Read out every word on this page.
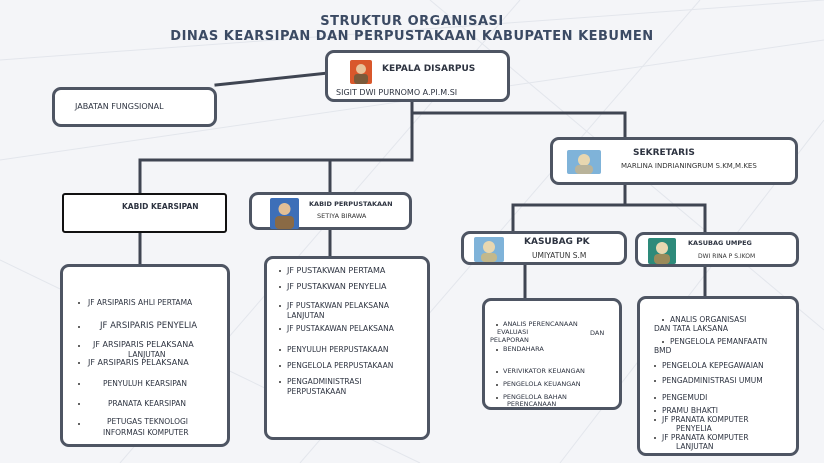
STRUKTUR ORGANISASI
DINAS KEARSIPAN DAN PERPUSTAKAAN KABUPATEN KEBUMEN
KEPALA DISARPUS
SIGIT DWI PURNOMO A.PI.M.SI
JABATAN FUNGSIONAL
SEKRETARIS
MARLINA INDRIANINGRUM S.KM,M.KES
KABID KEARSIPAN	KABID PERPUSTAKAAN
SETIYA BIRAWA
KASUBAG PK
UMIYATUN S.M
KASUBAG UMPEG
DWI RINA P S.IKOM
JF ARSIPARIS AHLI PERTAMA
JF ARSIPARIS PENYELIA
JF ARSIPARIS PELAKSANA
LANJUTAN
JF ARSIPARIS PELAKSANA
PENYULUH KEARSIPAN
PRANATA KEARSIPAN
PETUGAS TEKNOLOGI
INFORMASI KOMPUTER
JF PUSTAKWAN PERTAMA
JF PUSTAKWAN PENYELIA
JF PUSTAKWAN PELAKSANA
LANJUTAN
JF PUSTAKAWAN PELAKSANA
PENYULUH PERPUSTAKAAN
PENGELOLA PERPUSTAKAAN
PENGADMINISTRASI
PERPUSTAKAAN
ANALIS PERENCANAAN
EVALUASI	DAN
PELAPORAN
BENDAHARA
VERIVIKATOR KEUANGAN
PENGELOLA KEUANGAN
PENGELOLA BAHAN
PERENCANAAN
ANALIS ORGANISASI
DAN TATA LAKSANA
PENGELOLA PEMANFAATN
BMD
PENGELOLA KEPEGAWAIAN
PENGADMINISTRASI UMUM
PENGEMUDI
PRAMU BHAKTI
JF PRANATA KOMPUTER
PENYELIA
JF PRANATA KOMPUTER
LANJUTAN
